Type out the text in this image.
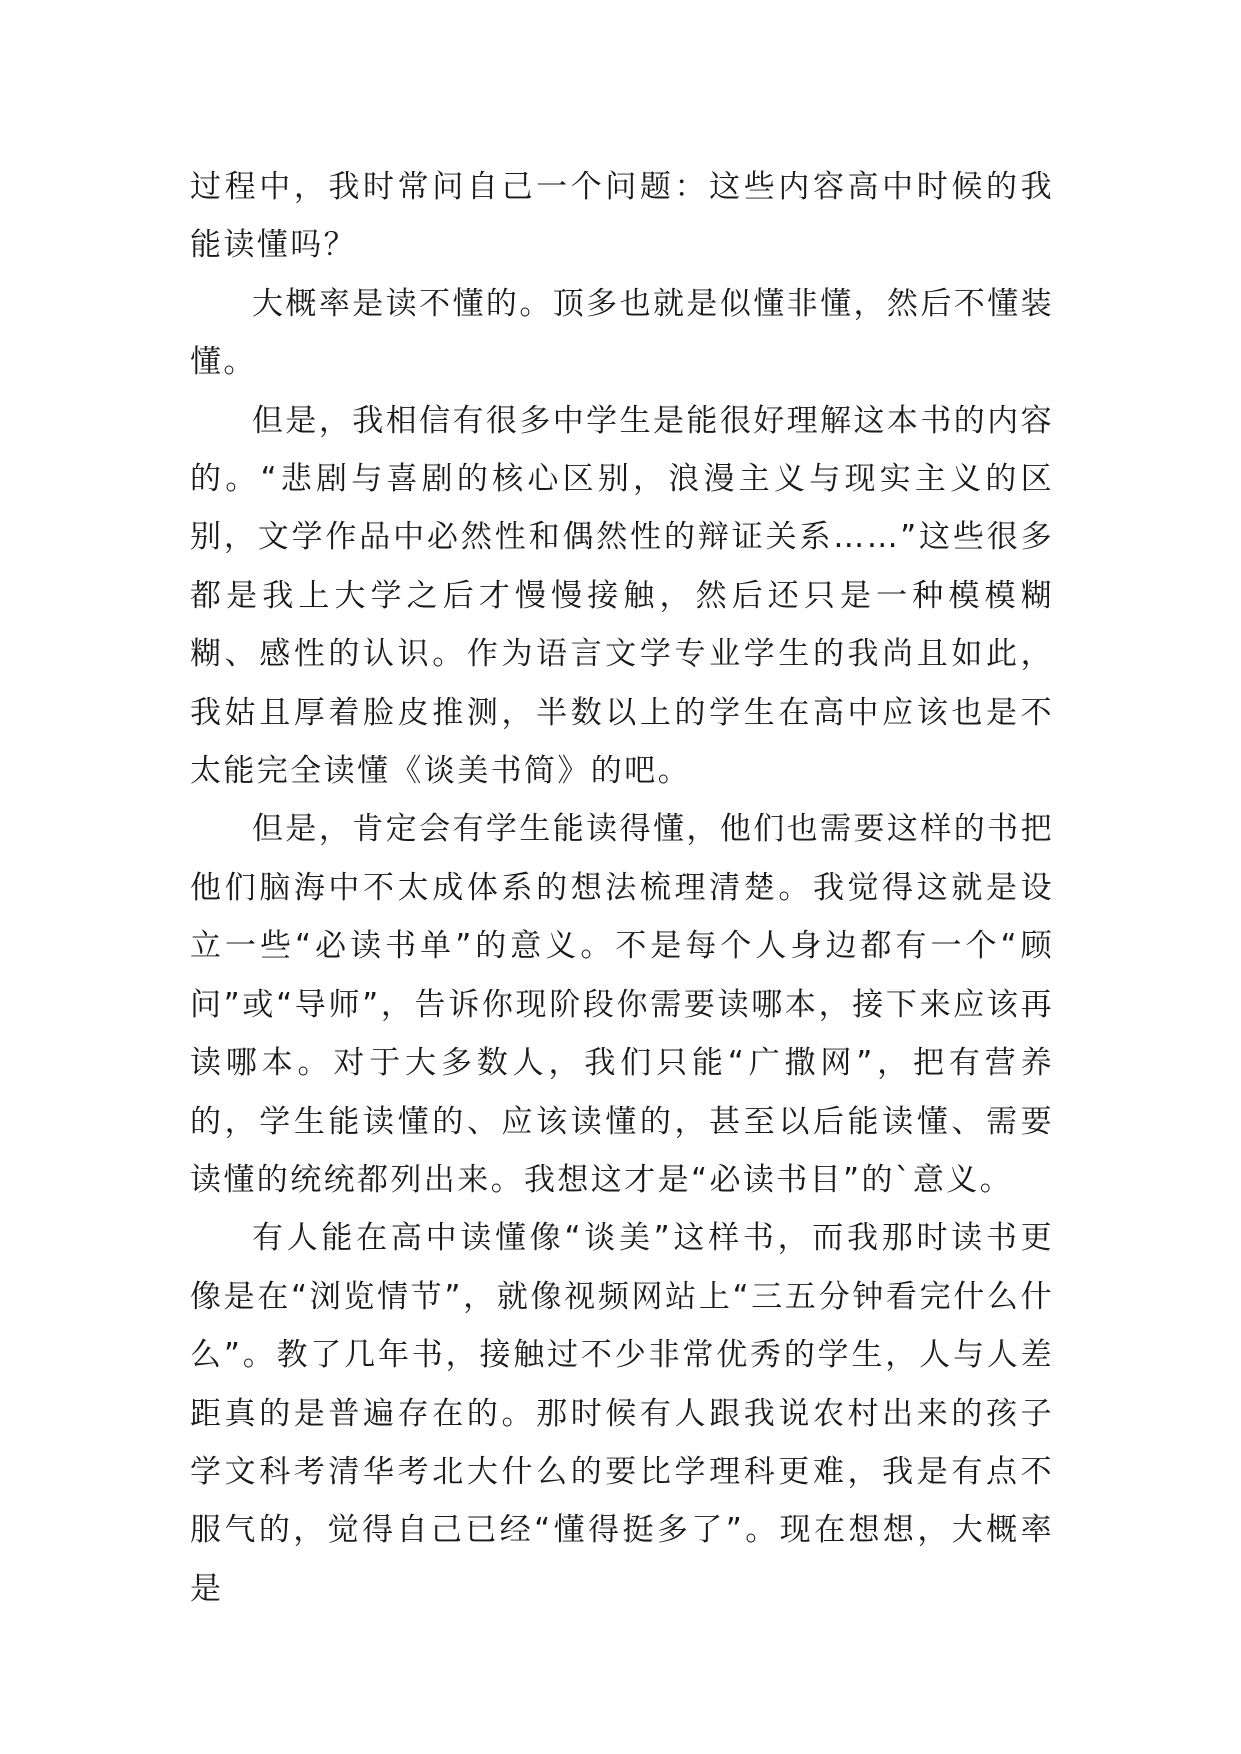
过程中，我时常问自己一个问题：这些内容高中时候的我能读懂吗？

大概率是读不懂的。顶多也就是似懂非懂，然后不懂装懂。

但是，我相信有很多中学生是能很好理解这本书的内容的。“悲剧与喜剧的核心区别，浪漫主义与现实主义的区别，文学作品中必然性和偶然性的辩证关系……”这些很多都是我上大学之后才慢慢接触，然后还只是一种模模糊糊、感性的认识。作为语言文学专业学生的我尚且如此，我姑且厚着脸皮推测，半数以上的学生在高中应该也是不太能完全读懂《谈美书简》的吧。

但是，肯定会有学生能读得懂，他们也需要这样的书把他们脑海中不太成体系的想法梳理清楚。我觉得这就是设立一些“必读书单”的意义。不是每个人身边都有一个“顾问”或“导师”，告诉你现阶段你需要读哪本，接下来应该再读哪本。对于大多数人，我们只能“广撒网”，把有营养的，学生能读懂的、应该读懂的，甚至以后能读懂、需要读懂的统统都列出来。我想这才是“必读书目”的`意义。

有人能在高中读懂像“谈美”这样书，而我那时读书更像是在“浏览情节”，就像视频网站上“三五分钟看完什么什么”。教了几年书，接触过不少非常优秀的学生，人与人差距真的是普遍存在的。那时候有人跟我说农村出来的孩子学文科考清华考北大什么的要比学理科更难，我是有点不服气的，觉得自己已经“懂得挺多了”。现在想想，大概率是
